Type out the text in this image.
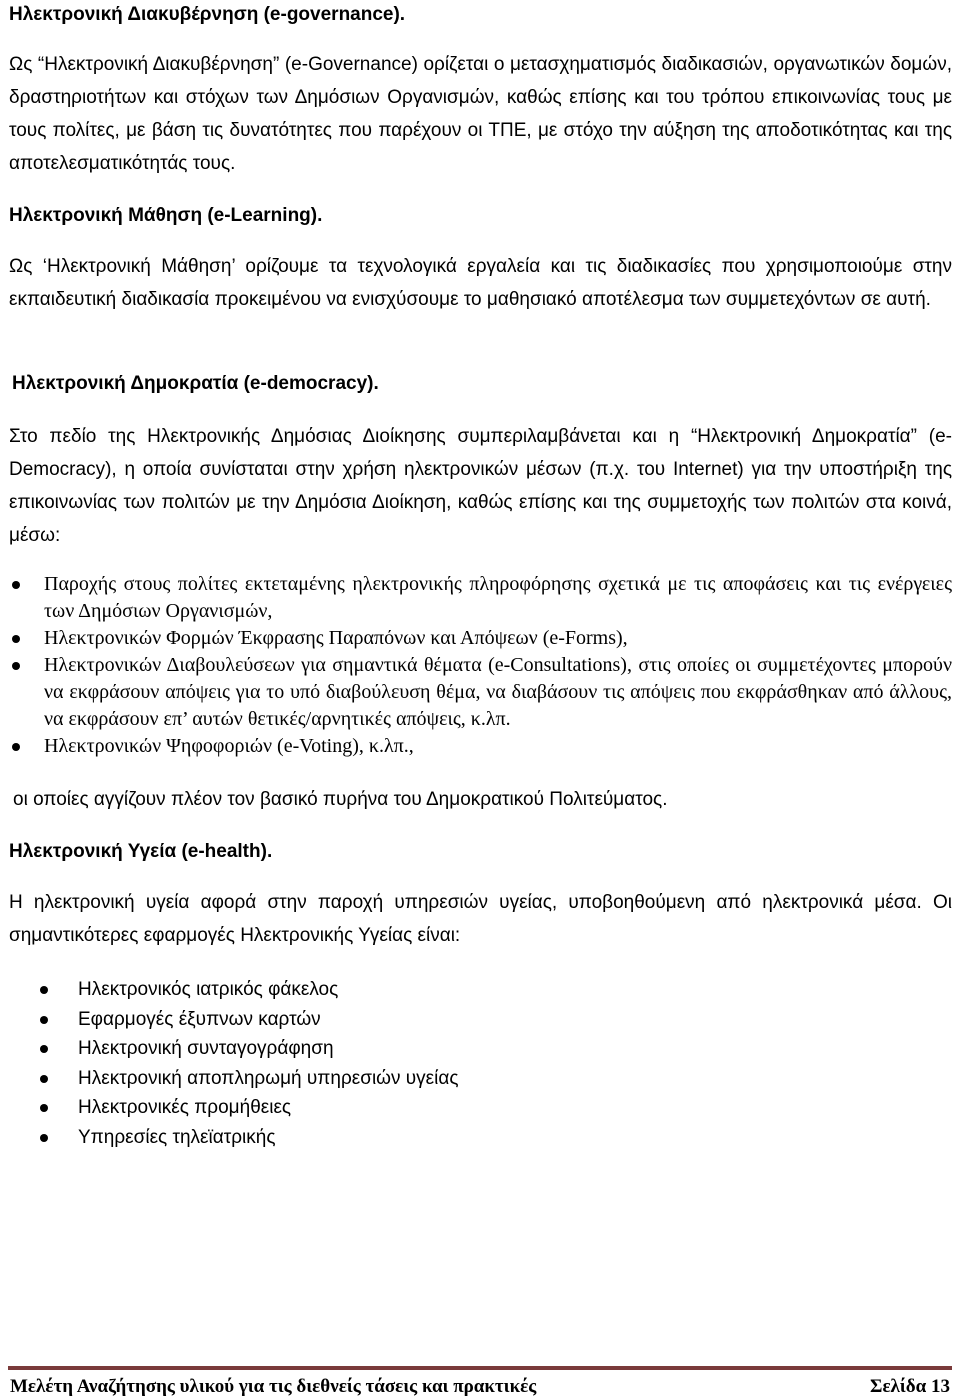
Ηλεκτρονική Διακυβέρνηση (e-governance).
Ως “Ηλεκτρονική Διακυβέρνηση” (e-Governance) ορίζεται ο μετασχηματισμός διαδικασιών, οργανωτικών δομών, δραστηριοτήτων και στόχων των Δημόσιων Οργανισμών, καθώς επίσης και του τρόπου επικοινωνίας τους με τους πολίτες, με βάση τις δυνατότητες που παρέχουν οι ΤΠΕ, με στόχο την αύξηση της αποδοτικότητας και της αποτελεσματικότητάς τους.
Ηλεκτρονική Μάθηση (e-Learning).
Ως ‘Ηλεκτρονική Μάθηση’ ορίζουμε τα τεχνολογικά εργαλεία και τις διαδικασίες που χρησιμοποιούμε στην εκπαιδευτική διαδικασία προκειμένου να ενισχύσουμε το μαθησιακό αποτέλεσμα των συμμετεχόντων σε αυτή.
Ηλεκτρονική Δημοκρατία (e-democracy).
Στο πεδίο της Ηλεκτρονικής Δημόσιας Διοίκησης συμπεριλαμβάνεται και η “Ηλεκτρονική Δημοκρατία” (e-Democracy), η οποία συνίσταται στην χρήση ηλεκτρονικών μέσων (π.χ. του Internet) για την υποστήριξη της επικοινωνίας των πολιτών με την Δημόσια Διοίκηση, καθώς επίσης και της συμμετοχής των πολιτών στα κοινά, μέσω:
Παροχής στους πολίτες εκτεταμένης ηλεκτρονικής πληροφόρησης σχετικά με τις αποφάσεις και τις ενέργειες των Δημόσιων Οργανισμών,
Ηλεκτρονικών Φορμών Έκφρασης Παραπόνων και Απόψεων (e-Forms),
Ηλεκτρονικών Διαβουλεύσεων για σημαντικά θέματα (e-Consultations), στις οποίες οι συμμετέχοντες μπορούν να εκφράσουν απόψεις για το υπό διαβούλευση θέμα, να διαβάσουν τις απόψεις που εκφράσθηκαν από άλλους, να εκφράσουν επ’ αυτών θετικές/αρνητικές απόψεις, κ.λπ.
Ηλεκτρονικών Ψηφοφοριών (e-Voting), κ.λπ.,
οι οποίες αγγίζουν πλέον τον βασικό πυρήνα του Δημοκρατικού Πολιτεύματος.
Ηλεκτρονική Υγεία (e-health).
Η ηλεκτρονική υγεία αφορά στην παροχή υπηρεσιών υγείας, υποβοηθούμενη από ηλεκτρονικά μέσα. Οι σημαντικότερες εφαρμογές Ηλεκτρονικής Υγείας είναι:
Ηλεκτρονικός ιατρικός φάκελος
Εφαρμογές έξυπνων καρτών
Ηλεκτρονική συνταγογράφηση
Ηλεκτρονική αποπληρωμή υπηρεσιών υγείας
Ηλεκτρονικές προμήθειες
Υπηρεσίες τηλεϊατρικής
Μελέτη Αναζήτησης υλικού για τις διεθνείς τάσεις και πρακτικές	Σελίδα 13
